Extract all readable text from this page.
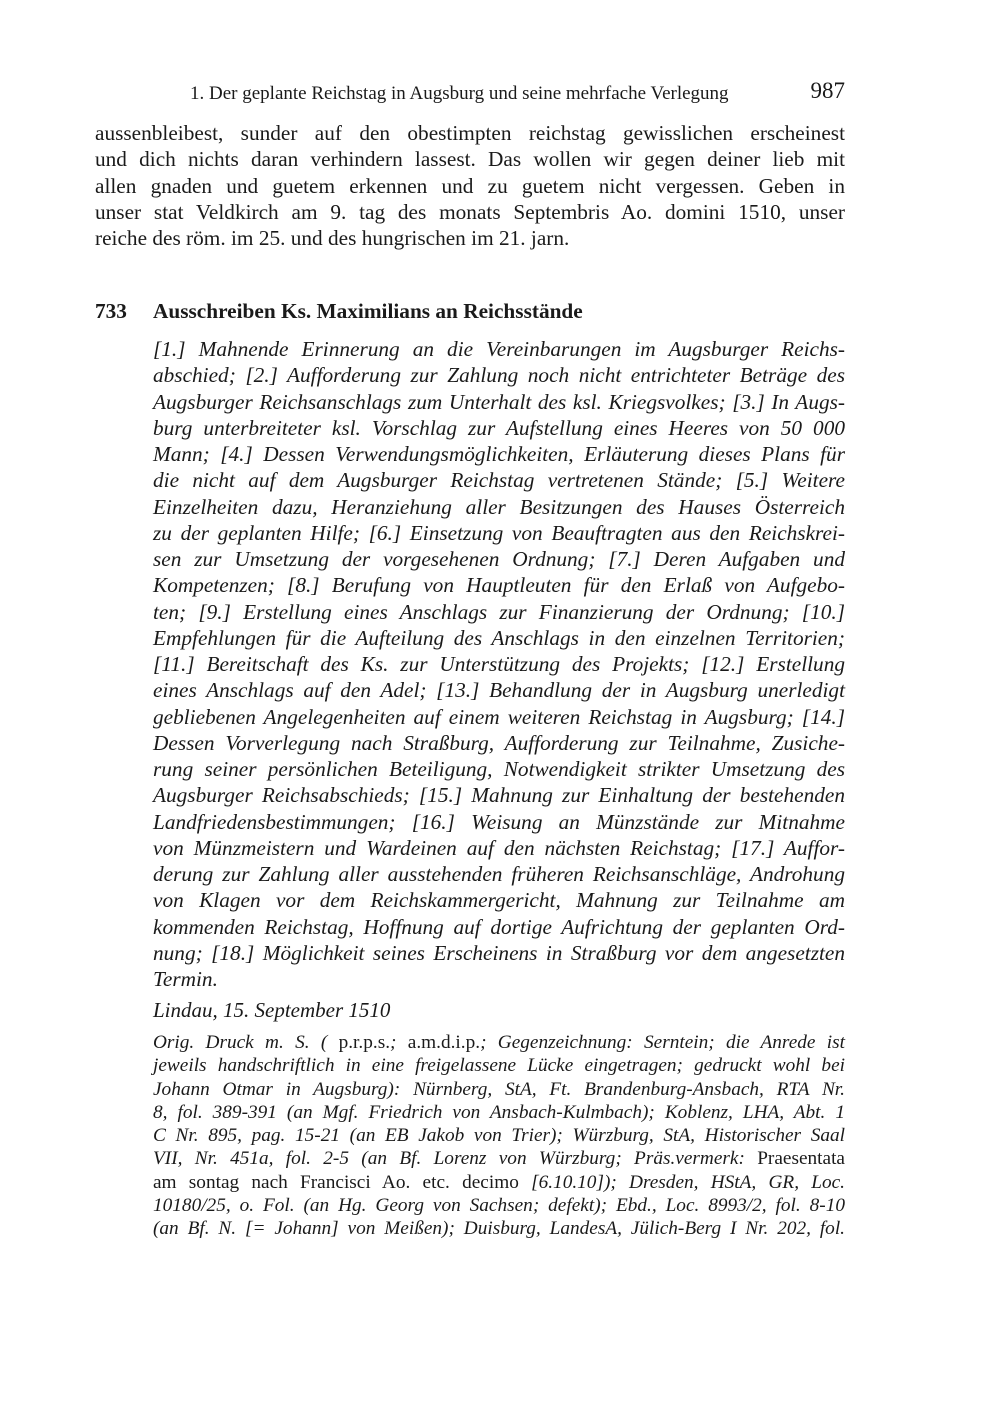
1. Der geplante Reichstag in Augsburg und seine mehrfache Verlegung	987
aussenbleibest, sunder auf den obestimpten reichstag gewisslichen erscheinest
und dich nichts daran verhindern lassest. Das wollen wir gegen deiner lieb mit
allen gnaden und guetem erkennen und zu guetem nicht vergessen. Geben in
unser stat Veldkirch am 9. tag des monats Septembris Ao. domini 1510, unser
reiche des röm. im 25. und des hungrischen im 21. jarn.
733 Ausschreiben Ks. Maximilians an Reichsstände
[1.] Mahnende Erinnerung an die Vereinbarungen im Augsburger Reichs-
abschied; [2.] Aufforderung zur Zahlung noch nicht entrichteter Beträge des
Augsburger Reichsanschlags zum Unterhalt des ksl. Kriegsvolkes; [3.] In Augs-
burg unterbreiteter ksl. Vorschlag zur Aufstellung eines Heeres von 50 000
Mann; [4.] Dessen Verwendungsmöglichkeiten, Erläuterung dieses Plans für
die nicht auf dem Augsburger Reichstag vertretenen Stände; [5.] Weitere
Einzelheiten dazu, Heranziehung aller Besitzungen des Hauses Österreich
zu der geplanten Hilfe; [6.] Einsetzung von Beauftragten aus den Reichskrei-
sen zur Umsetzung der vorgesehenen Ordnung; [7.] Deren Aufgaben und
Kompetenzen; [8.] Berufung von Hauptleuten für den Erlaß von Aufgebo-
ten; [9.] Erstellung eines Anschlags zur Finanzierung der Ordnung; [10.]
Empfehlungen für die Aufteilung des Anschlags in den einzelnen Territorien;
[11.] Bereitschaft des Ks. zur Unterstützung des Projekts; [12.] Erstellung
eines Anschlags auf den Adel; [13.] Behandlung der in Augsburg unerledigt
gebliebenen Angelegenheiten auf einem weiteren Reichstag in Augsburg; [14.]
Dessen Vorverlegung nach Straßburg, Aufforderung zur Teilnahme, Zusiche-
rung seiner persönlichen Beteiligung, Notwendigkeit strikter Umsetzung des
Augsburger Reichsabschieds; [15.] Mahnung zur Einhaltung der bestehenden
Landfriedensbestimmungen; [16.] Weisung an Münzstände zur Mitnahme
von Münzmeistern und Wardeinen auf den nächsten Reichstag; [17.] Auffor-
derung zur Zahlung aller ausstehenden früheren Reichsanschläge, Androhung
von Klagen vor dem Reichskammergericht, Mahnung zur Teilnahme am
kommenden Reichstag, Hoffnung auf dortige Aufrichtung der geplanten Ord-
nung; [18.] Möglichkeit seines Erscheinens in Straßburg vor dem angesetzten
Termin.
Lindau, 15. September 1510
Orig. Druck m. S. ( p.r.p.s.; a.m.d.i.p.; Gegenzeichnung: Serntein; die Anrede ist
jeweils handschriftlich in eine freigelassene Lücke eingetragen; gedruckt wohl bei
Johann Otmar in Augsburg): Nürnberg, StA, Ft. Brandenburg-Ansbach, RTA Nr.
8, fol. 389-391 (an Mgf. Friedrich von Ansbach-Kulmbach); Koblenz, LHA, Abt. 1
C Nr. 895, pag. 15-21 (an EB Jakob von Trier); Würzburg, StA, Historischer Saal
VII, Nr. 451a, fol. 2-5 (an Bf. Lorenz von Würzburg; Präs.vermerk: Praesentata
am sontag nach Francisci Ao. etc. decimo [6.10.10]); Dresden, HStA, GR, Loc.
10180/25, o. Fol. (an Hg. Georg von Sachsen; defekt); Ebd., Loc. 8993/2, fol. 8-10
(an Bf. N. [= Johann] von Meißen); Duisburg, LandesA, Jülich-Berg I Nr. 202, fol.
